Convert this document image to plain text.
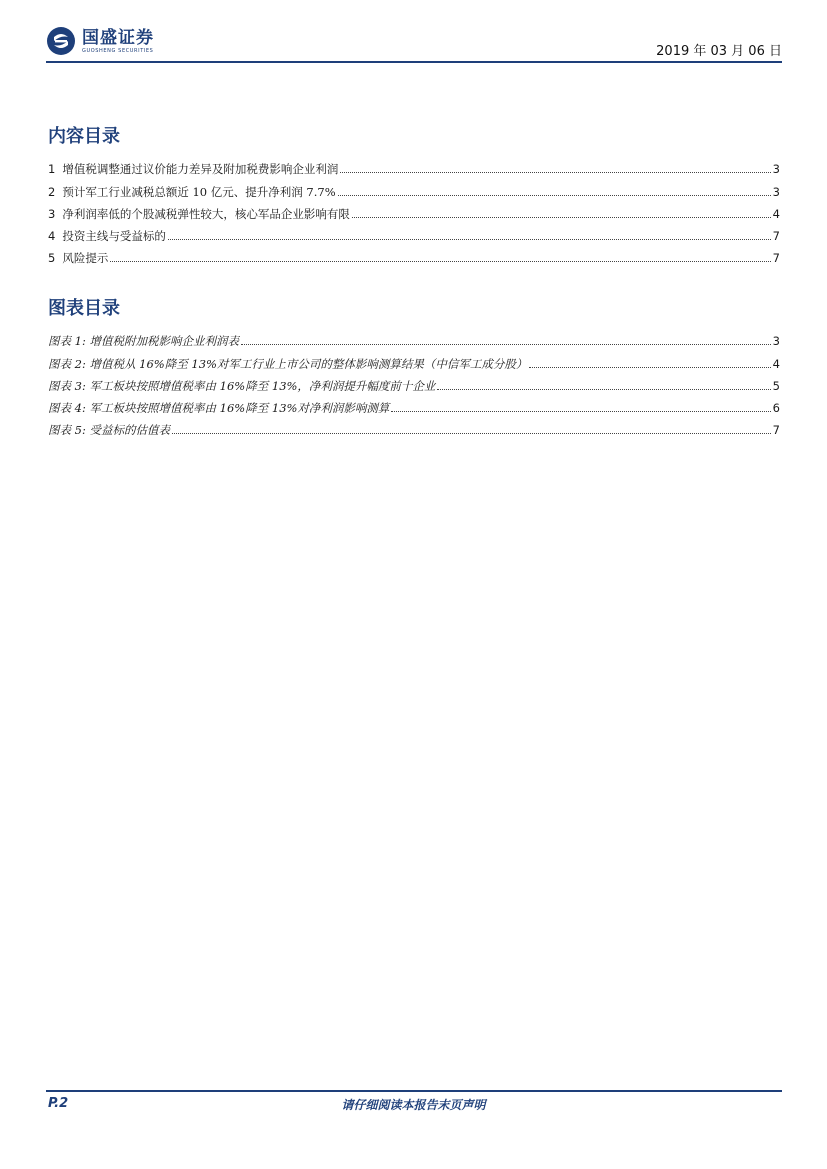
国盛证券
GUOSHENG SECURITIES	2019 年 03 月 06 日
内容目录
1 增值税调整通过议价能力差异及附加税费影响企业利润	3
2 预计军工行业减税总额近 10 亿元、提升净利润 7.7%	3
3 净利润率低的个股减税弹性较大，核心军品企业影响有限	4
4 投资主线与受益标的	7
5 风险提示	7
图表目录
图表 1: 增值税附加税影响企业利润表	3
图表 2: 增值税从 16%降至 13%对军工行业上市公司的整体影响测算结果（中信军工成分股）	4
图表 3: 军工板块按照增值税率由 16%降至 13%，净利润提升幅度前十企业	5
图表 4: 军工板块按照增值税率由 16%降至 13%对净利润影响测算	6
图表 5: 受益标的估值表	7
P.2	请仔细阅读本报告末页声明
